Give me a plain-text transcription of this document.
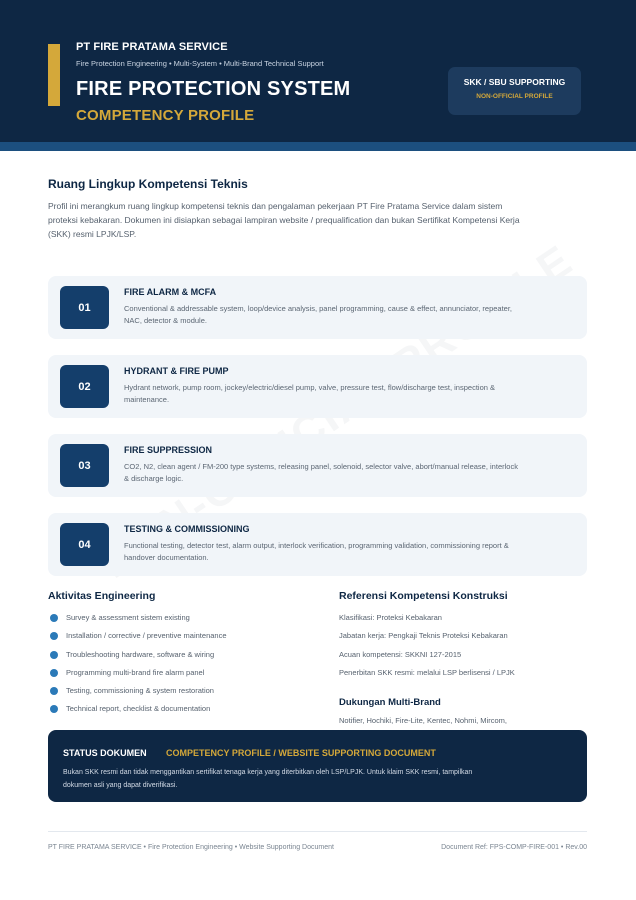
PT FIRE PRATAMA SERVICE
Fire Protection Engineering • Multi-System • Multi-Brand Technical Support
FIRE PROTECTION SYSTEM
COMPETENCY PROFILE
SKK / SBU SUPPORTING
NON-OFFICIAL PROFILE
Ruang Lingkup Kompetensi Teknis
Profil ini merangkum ruang lingkup kompetensi teknis dan pengalaman pekerjaan PT Fire Pratama Service dalam sistem proteksi kebakaran. Dokumen ini disiapkan sebagai lampiran website / prequalification dan bukan Sertifikat Kompetensi Kerja (SKK) resmi LPJK/LSP.
01
FIRE ALARM & MCFA
Conventional & addressable system, loop/device analysis, panel programming, cause & effect, annunciator, repeater, NAC, detector & module.
02
HYDRANT & FIRE PUMP
Hydrant network, pump room, jockey/electric/diesel pump, valve, pressure test, flow/discharge test, inspection & maintenance.
03
FIRE SUPPRESSION
CO2, N2, clean agent / FM-200 type systems, releasing panel, solenoid, selector valve, abort/manual release, interlock & discharge logic.
04
TESTING & COMMISSIONING
Functional testing, detector test, alarm output, interlock verification, programming validation, commissioning report & handover documentation.
Aktivitas Engineering
Survey & assessment sistem existing
Installation / corrective / preventive maintenance
Troubleshooting hardware, software & wiring
Programming multi-brand fire alarm panel
Testing, commissioning & system restoration
Technical report, checklist & documentation
Referensi Kompetensi Konstruksi
Klasifikasi: Proteksi Kebakaran
Jabatan kerja: Pengkaji Teknis Proteksi Kebakaran
Acuan kompetensi: SKKNI 127-2015
Penerbitan SKK resmi: melalui LSP berlisensi / LPJK
Dukungan Multi-Brand
Notifier, Hochiki, Fire-Lite, Kentec, Nohmi, Mircom,
STATUS DOKUMEN COMPETENCY PROFILE / WEBSITE SUPPORTING DOCUMENT
Bukan SKK resmi dan tidak menggantikan sertifikat tenaga kerja yang diterbitkan oleh LSP/LPJK. Untuk klaim SKK resmi, tampilkan dokumen asli yang dapat diverifikasi.
PT FIRE PRATAMA SERVICE • Fire Protection Engineering • Website Supporting Document	Document Ref: FPS-COMP-FIRE-001 • Rev.00
